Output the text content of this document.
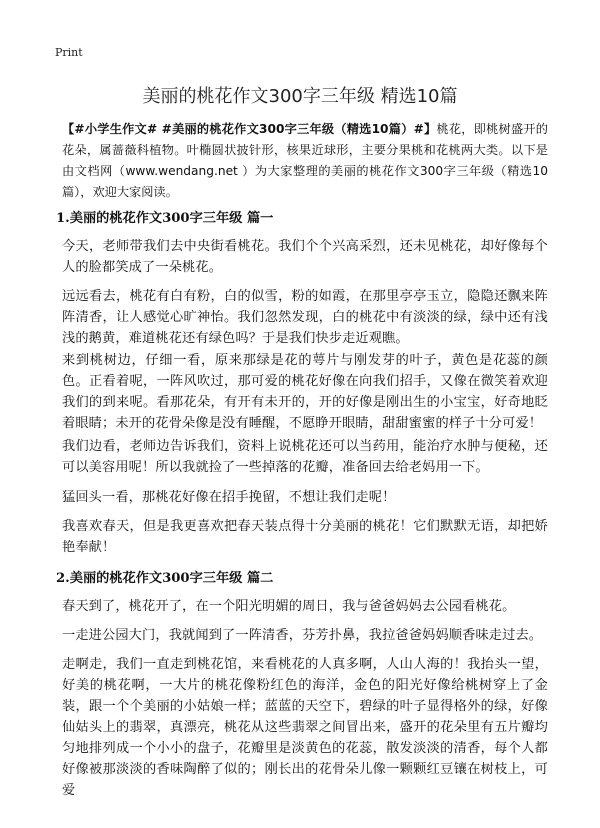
Print
美丽的桃花作文300字三年级 精选10篇

【#小学生作文# #美丽的桃花作文300字三年级（精选10篇）#】桃花，即桃树盛开的花朵，属蔷薇科植物。叶椭圆状披针形，核果近球形，主要分果桃和花桃两大类。以下是由文档网（www.wendang.net ）为大家整理的美丽的桃花作文300字三年级（精选10篇），欢迎大家阅读。

1.美丽的桃花作文300字三年级 篇一

今天，老师带我们去中央街看桃花。我们个个兴高采烈，还未见桃花，却好像每个人的脸都笑成了一朵桃花。

远远看去，桃花有白有粉，白的似雪，粉的如霞，在那里亭亭玉立，隐隐还飘来阵阵清香，让人感觉心旷神怡。我们忽然发现，白的桃花中有淡淡的绿，绿中还有浅浅的鹅黄，难道桃花还有绿色吗？于是我们快步走近观瞧。

来到桃树边，仔细一看，原来那绿是花的萼片与刚发芽的叶子，黄色是花蕊的颜色。正看着呢，一阵风吹过，那可爱的桃花好像在向我们招手，又像在微笑着欢迎我们的到来呢。看那花朵，有开有未开的，开的好像是刚出生的小宝宝，好奇地眨着眼睛；未开的花骨朵像是没有睡醒，不愿睁开眼睛，甜甜蜜蜜的样子十分可爱！

我们边看，老师边告诉我们，资料上说桃花还可以当药用，能治疗水肿与便秘，还可以美容用呢！所以我就捡了一些掉落的花瓣，准备回去给老妈用一下。

猛回头一看，那桃花好像在招手挽留，不想让我们走呢！

我喜欢春天，但是我更喜欢把春天装点得十分美丽的桃花！它们默默无语，却把娇艳奉献！

2.美丽的桃花作文300字三年级 篇二

春天到了，桃花开了，在一个阳光明媚的周日，我与爸爸妈妈去公园看桃花。

一走进公园大门，我就闻到了一阵清香，芬芳扑鼻，我拉爸爸妈妈顺香味走过去。

走啊走，我们一直走到桃花馆，来看桃花的人真多啊，人山人海的！我抬头一望，好美的桃花啊，一大片的桃花像粉红色的海洋，金色的阳光好像给桃树穿上了金装，跟一个个美丽的小姑娘一样；蓝蓝的天空下，碧绿的叶子显得格外的绿，好像仙姑头上的翡翠，真漂亮，桃花从这些翡翠之间冒出来，盛开的花朵里有五片瓣均匀地排列成一个小小的盘子，花瓣里是淡黄色的花蕊，散发淡淡的清香，每个人都好像被那淡淡的香味陶醉了似的；刚长出的花骨朵儿像一颗颗红豆镶在树枝上，可爱
